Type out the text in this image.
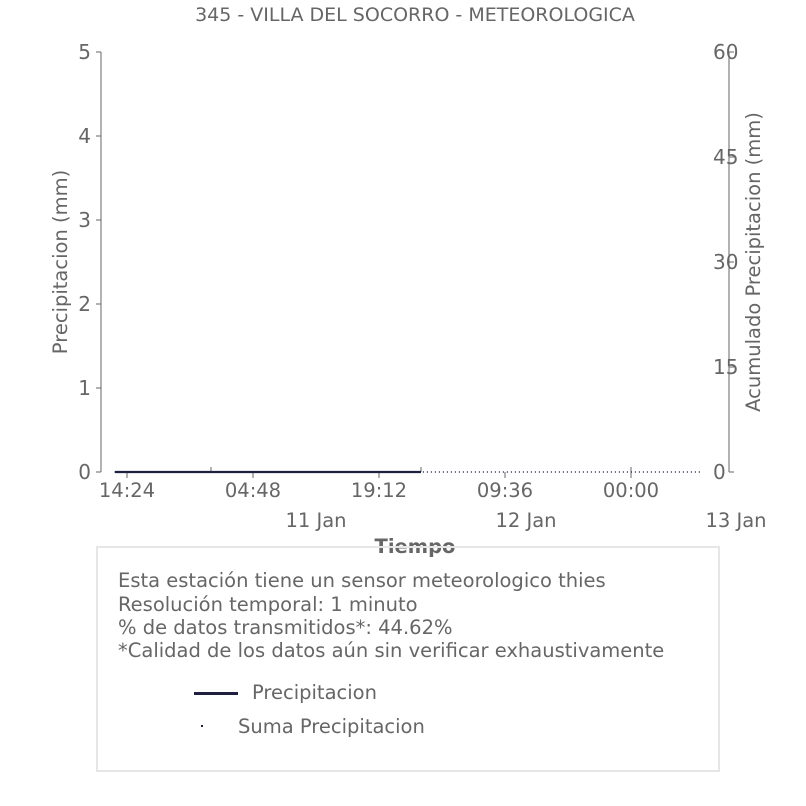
345 - VILLA DEL SOCORRO - METEOROLOGICA
0
1
2
3
4
5
0
15
30
45
60
14:24	04:48	19:12	09:36	00:00
11 Jan	12 Jan	13 Jan
Precipitacion (mm)	Acumulado Precipitacion (mm)
Tiempo
Esta estación tiene un sensor meteorologico thies
Resolución temporal: 1 minuto
% de datos transmitidos*: 44.62%
*Calidad de los datos aún sin verificar exhaustivamente
Precipitacion
Suma Precipitacion
